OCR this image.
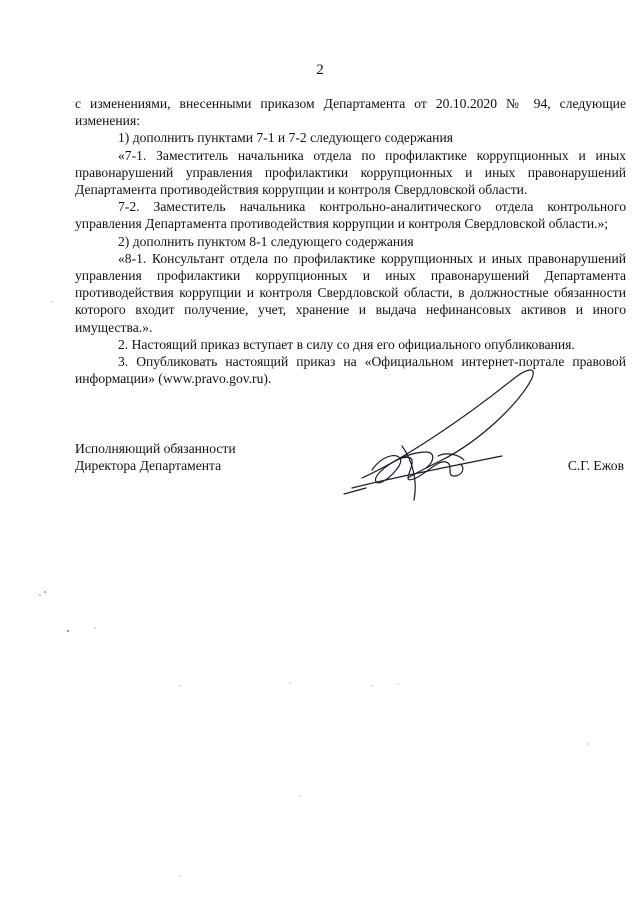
2

с изменениями, внесенными приказом Департамента от 20.10.2020 № 94, следующие изменения:

1) дополнить пунктами 7-1 и 7-2 следующего содержания

«7-1. Заместитель начальника отдела по профилактике коррупционных и иных правонарушений управления профилактики коррупционных и иных правонарушений Департамента противодействия коррупции и контроля Свердловской области.

7-2. Заместитель начальника контрольно-аналитического отдела контрольного управления Департамента противодействия коррупции и контроля Свердловской области.»;

2) дополнить пунктом 8-1 следующего содержания

«8-1. Консультант отдела по профилактике коррупционных и иных правонарушений управления профилактики коррупционных и иных правонарушений Департамента противодействия коррупции и контроля Свердловской области, в должностные обязанности которого входит получение, учет, хранение и выдача нефинансовых активов и иного имущества.».

2. Настоящий приказ вступает в силу со дня его официального опубликования.

3. Опубликовать настоящий приказ на «Официальном интернет-портале правовой информации» (www.pravo.gov.ru).

Исполняющий обязанности
Директора Департамента	С.Г. Ежов
